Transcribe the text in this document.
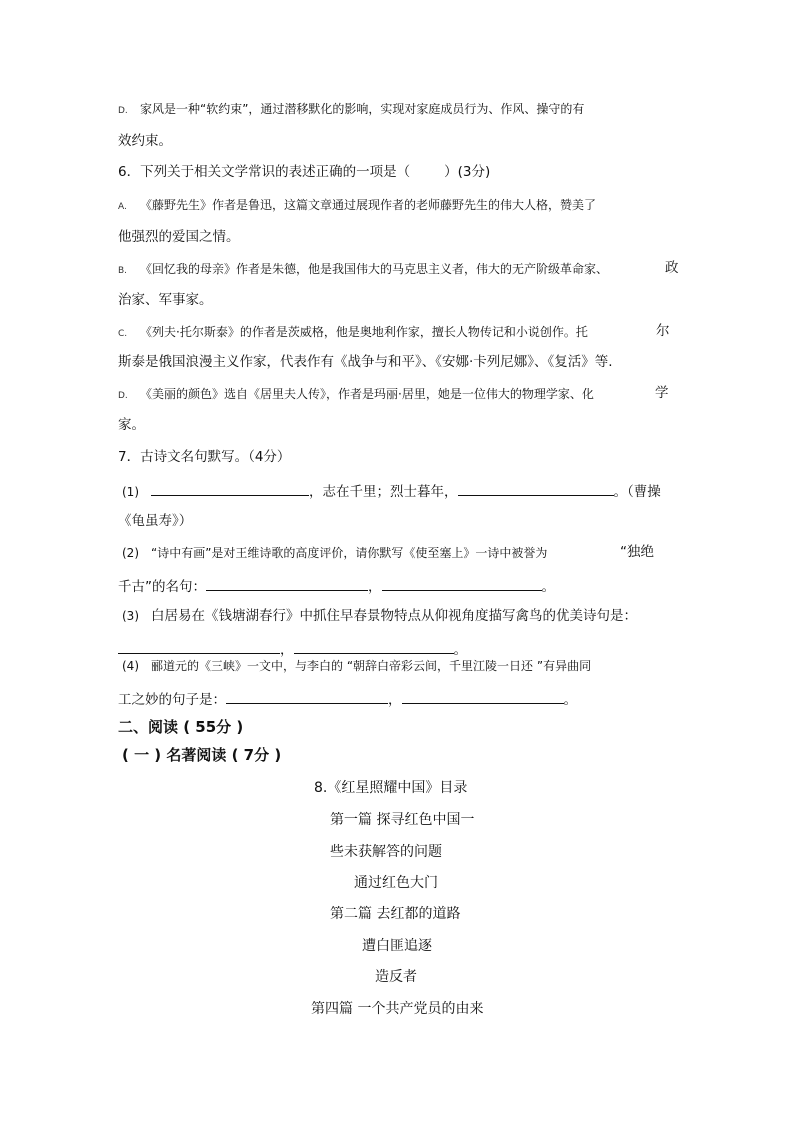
D. 家风是一种“软约束”，通过潜移默化的影响，实现对家庭成员行为、作风、操守的有
效约束。
6．下列关于相关文学常识的表述正确的一项是（	）(3分)
A. 《藤野先生》作者是鲁迅，这篇文章通过展现作者的老师藤野先生的伟大人格，赞美了
他强烈的爱国之情。
B. 《回忆我的母亲》作者是朱德，他是我国伟大的马克思主义者，伟大的无产阶级革命家、	政
治家、军事家。
C. 《列夫·托尔斯泰》的作者是茨威格，他是奥地利作家，擅长人物传记和小说创作。托	尔
斯泰是俄国浪漫主义作家，代表作有《战争与和平》、《安娜·卡列尼娜》、《复活》等.
D. 《美丽的颜色》选自《居里夫人传》，作者是玛丽·居里，她是一位伟大的物理学家、化	学
家。
7．古诗文名句默写。（4分）
(1)	，志在千里；烈士暮年，	。（曹操
《龟虽寿》）
(2) “诗中有画”是对王维诗歌的高度评价，请你默写《使至塞上》一诗中被誉为	“独绝
千古”的名句：	，	。
(3) 白居易在《钱塘湖春行》中抓住早春景物特点从仰视角度描写禽鸟的优美诗句是：
，	。
(4) 郦道元的《三峡》一文中，与李白的 “朝辞白帝彩云间，千里江陵一日还 ”有异曲同
工之妙的句子是：	，	。
二、阅读 ( 55分 )
( 一 ) 名著阅读 ( 7分 )
8.《红星照耀中国》目录
第一篇 探寻红色中国一
些未获解答的问题
通过红色大门
第二篇 去红都的道路
遭白匪追逐
造反者
第四篇 一个共产党员的由来
